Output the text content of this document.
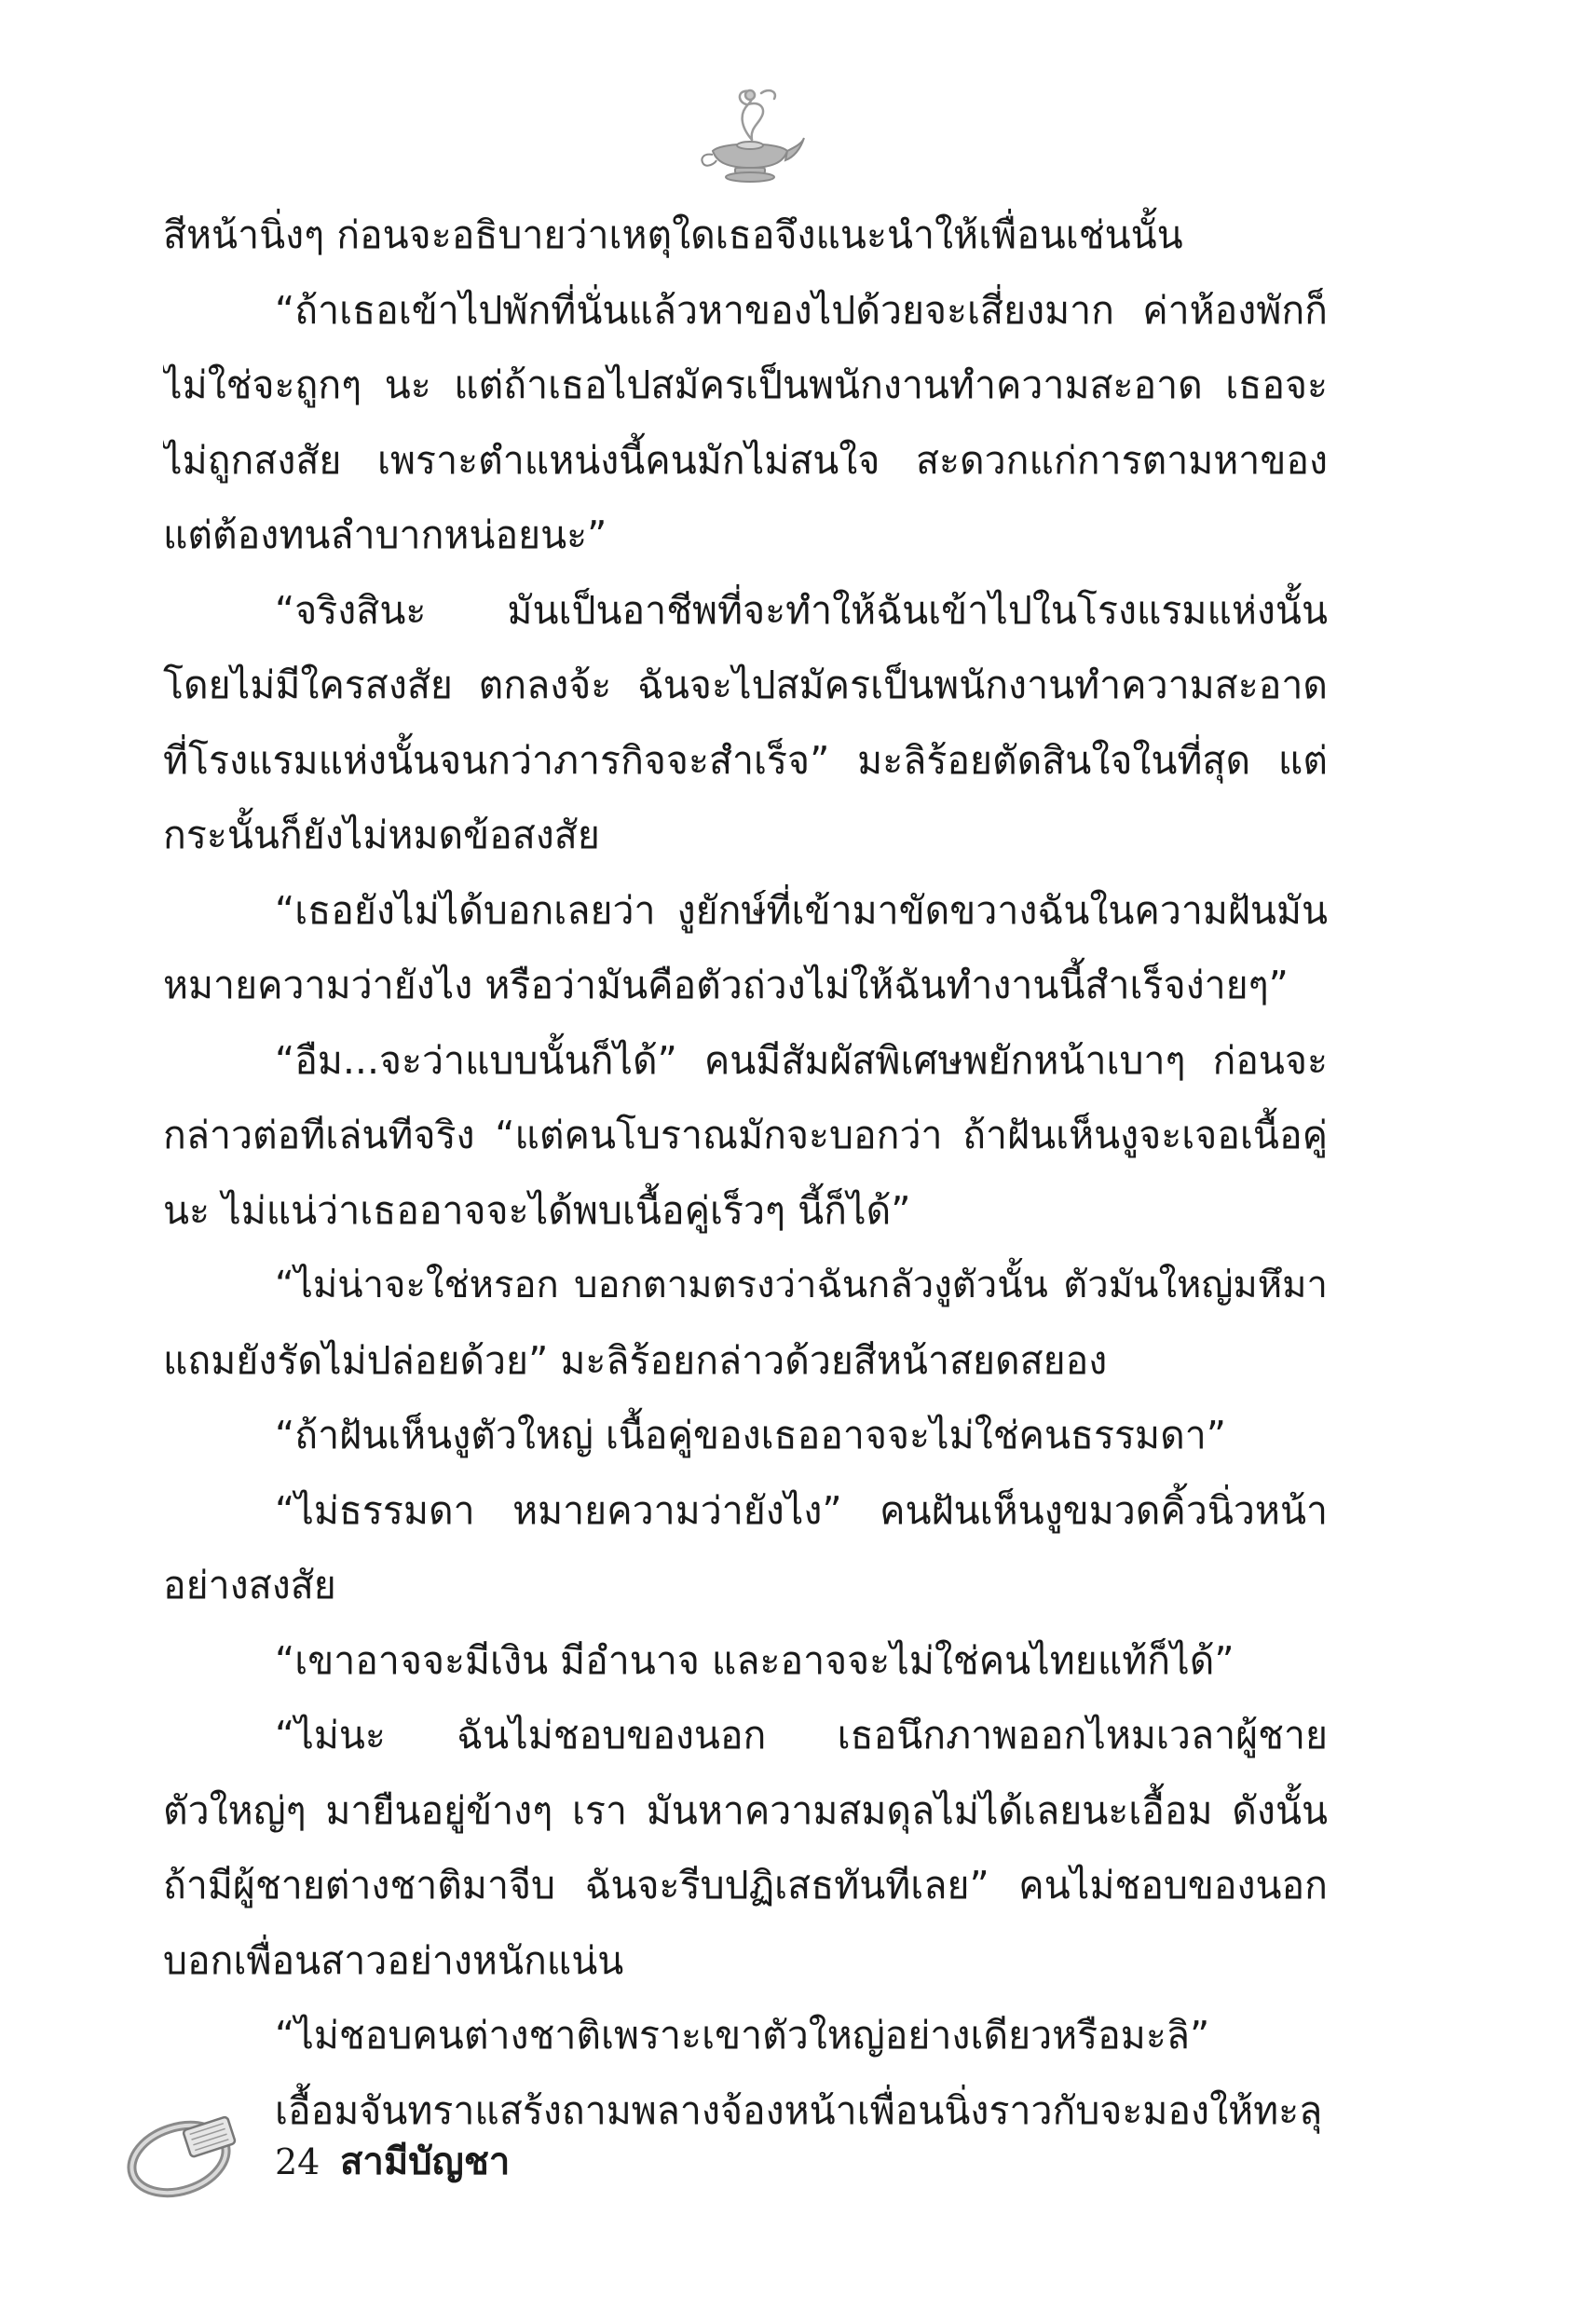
สีหน้านิ่งๆ ก่อนจะอธิบายว่าเหตุใดเธอจึงแนะนำให้เพื่อนเช่นนั้น
“ถ้าเธอเข้าไปพักที่นั่นแล้วหาของไปด้วยจะเสี่ยงมาก ค่าห้องพักก็
ไม่ใช่จะถูกๆ นะ แต่ถ้าเธอไปสมัครเป็นพนักงานทำความสะอาด เธอจะ
ไม่ถูกสงสัย เพราะตำแหน่งนี้คนมักไม่สนใจ สะดวกแก่การตามหาของ
แต่ต้องทนลำบากหน่อยนะ”
“จริงสินะ มันเป็นอาชีพที่จะทำให้ฉันเข้าไปในโรงแรมแห่งนั้น
โดยไม่มีใครสงสัย ตกลงจ้ะ ฉันจะไปสมัครเป็นพนักงานทำความสะอาด
ที่โรงแรมแห่งนั้นจนกว่าภารกิจจะสำเร็จ” มะลิร้อยตัดสินใจในที่สุด แต่
กระนั้นก็ยังไม่หมดข้อสงสัย
“เธอยังไม่ได้บอกเลยว่า งูยักษ์ที่เข้ามาขัดขวางฉันในความฝันมัน
หมายความว่ายังไง หรือว่ามันคือตัวถ่วงไม่ให้ฉันทำงานนี้สำเร็จง่ายๆ”
“อืม...จะว่าแบบนั้นก็ได้” คนมีสัมผัสพิเศษพยักหน้าเบาๆ ก่อนจะ
กล่าวต่อทีเล่นทีจริง “แต่คนโบราณมักจะบอกว่า ถ้าฝันเห็นงูจะเจอเนื้อคู่
นะ ไม่แน่ว่าเธออาจจะได้พบเนื้อคู่เร็วๆ นี้ก็ได้”
“ไม่น่าจะใช่หรอก บอกตามตรงว่าฉันกลัวงูตัวนั้น ตัวมันใหญ่มหึมา
แถมยังรัดไม่ปล่อยด้วย” มะลิร้อยกล่าวด้วยสีหน้าสยดสยอง
“ถ้าฝันเห็นงูตัวใหญ่ เนื้อคู่ของเธออาจจะไม่ใช่คนธรรมดา”
“ไม่ธรรมดา หมายความว่ายังไง” คนฝันเห็นงูขมวดคิ้วนิ่วหน้า
อย่างสงสัย
“เขาอาจจะมีเงิน มีอำนาจ และอาจจะไม่ใช่คนไทยแท้ก็ได้”
“ไม่นะ ฉันไม่ชอบของนอก เธอนึกภาพออกไหมเวลาผู้ชาย
ตัวใหญ่ๆ มายืนอยู่ข้างๆ เรา มันหาความสมดุลไม่ได้เลยนะเอื้อม ดังนั้น
ถ้ามีผู้ชายต่างชาติมาจีบ ฉันจะรีบปฏิเสธทันทีเลย” คนไม่ชอบของนอก
บอกเพื่อนสาวอย่างหนักแน่น
“ไม่ชอบคนต่างชาติเพราะเขาตัวใหญ่อย่างเดียวหรือมะลิ”
เอื้อมจันทราแสร้งถามพลางจ้องหน้าเพื่อนนิ่งราวกับจะมองให้ทะลุ
24 สามีบัญชา
